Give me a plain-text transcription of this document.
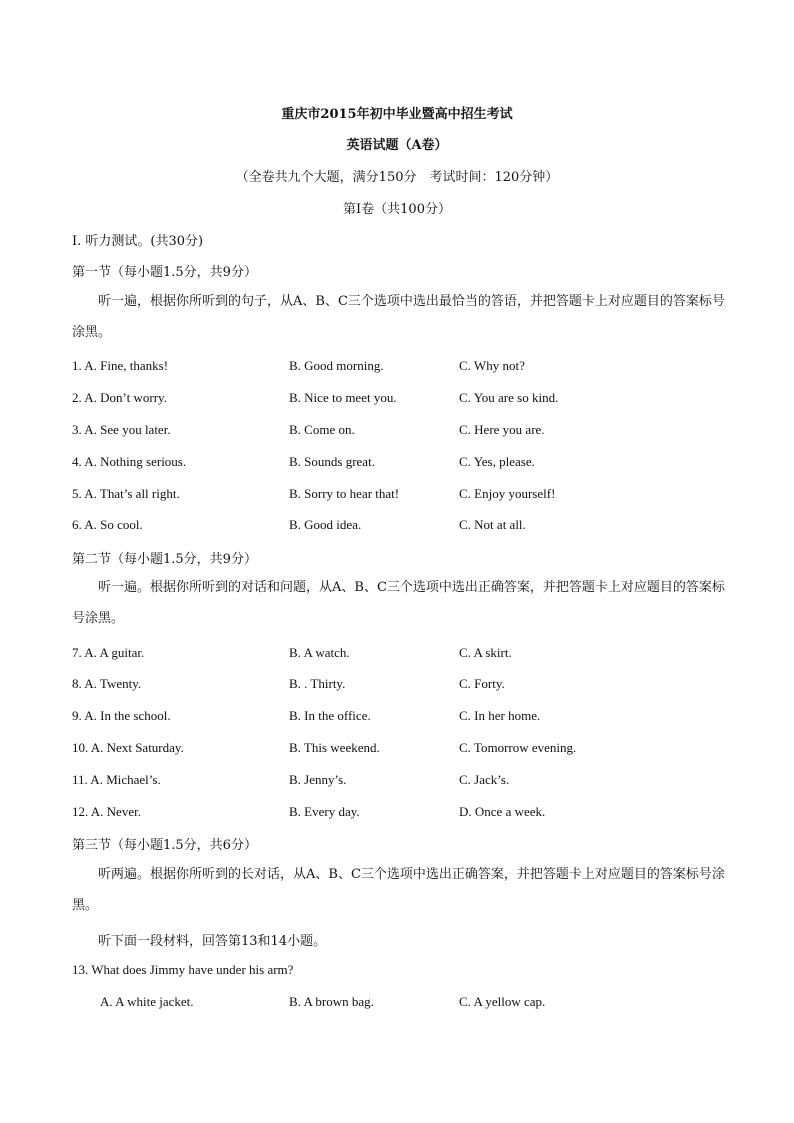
重庆市2015年初中毕业暨高中招生考试
英语试题（A卷）
（全卷共九个大题，满分150分　考试时间：120分钟）
第I卷（共100分）
I. 听力测试。(共30分)
第一节（每小题1.5分，共9分）
听一遍，根据你所听到的句子，从A、B、C三个选项中选出最恰当的答语，并把答题卡上对应题目的答案标号涂黑。
1. A. Fine, thanks!	B. Good morning.	C. Why not?
2. A. Don’t worry.	B. Nice to meet you.	C. You are so kind.
3. A. See you later.	B. Come on.	C. Here you are.
4. A. Nothing serious.	B. Sounds great.	C. Yes, please.
5. A. That’s all right.	B. Sorry to hear that!	C. Enjoy yourself!
6. A. So cool.	B. Good idea.	C. Not at all.
第二节（每小题1.5分，共9分）
听一遍。根据你所听到的对话和问题，从A、B、C三个选项中选出正确答案，并把答题卡上对应题目的答案标号涂黑。
7. A. A guitar.	B. A watch.	C. A skirt.
8. A. Twenty.	B. . Thirty.	C. Forty.
9. A. In the school.	B. In the office.	C. In her home.
10. A. Next Saturday.	B. This weekend.	C. Tomorrow evening.
11. A. Michael’s.	B. Jenny’s.	C. Jack’s.
12. A. Never.	B. Every day.	D. Once a week.
第三节（每小题1.5分，共6分）
听两遍。根据你所听到的长对话，从A、B、C三个选项中选出正确答案，并把答题卡上对应题目的答案标号涂黑。
听下面一段材料，回答第13和14小题。
13. What does Jimmy have under his arm?
A. A white jacket.	B. A brown bag.	C. A yellow cap.
